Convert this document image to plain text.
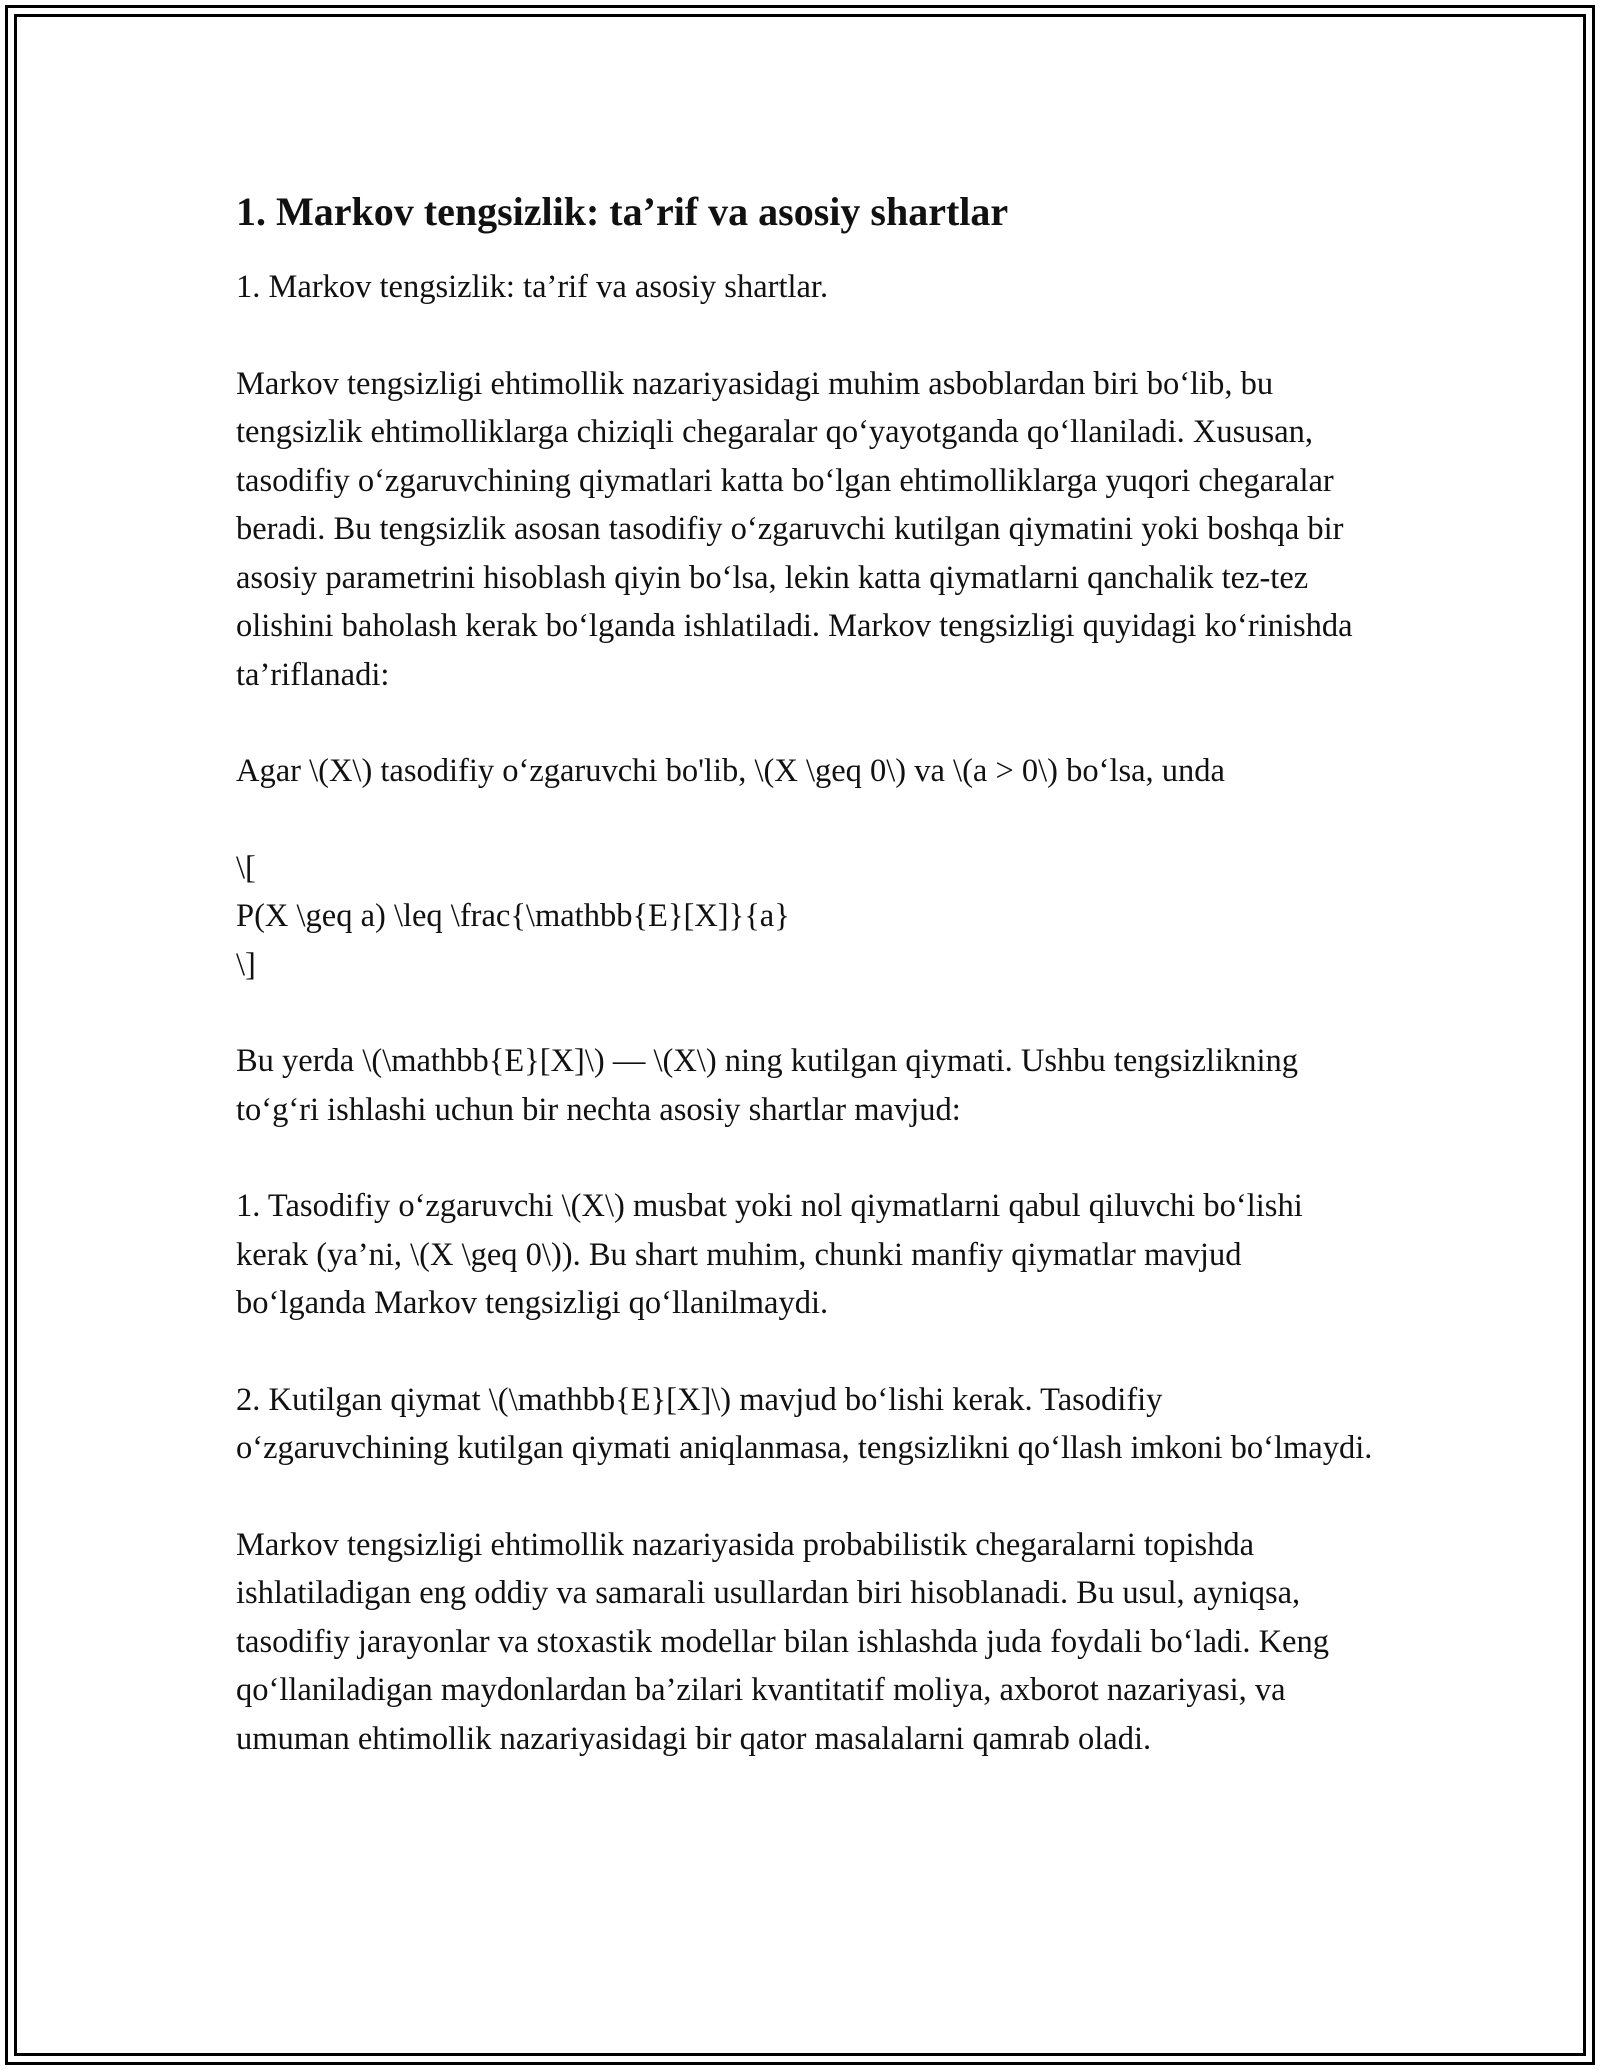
1. Markov tengsizlik: ta’rif va asosiy shartlar

1. Markov tengsizlik: ta’rif va asosiy shartlar.

Markov tengsizligi ehtimollik nazariyasidagi muhim asboblardan biri bo‘lib, bu tengsizlik ehtimolliklarga chiziqli chegaralar qo‘yayotganda qo‘llaniladi. Xususan, tasodifiy o‘zgaruvchining qiymatlari katta bo‘lgan ehtimolliklarga yuqori chegaralar beradi. Bu tengsizlik asosan tasodifiy o‘zgaruvchi kutilgan qiymatini yoki boshqa bir asosiy parametrini hisoblash qiyin bo‘lsa, lekin katta qiymatlarni qanchalik tez-tez olishini baholash kerak bo‘lganda ishlatiladi. Markov tengsizligi quyidagi ko‘rinishda ta’riflanadi:

Agar \(X\) tasodifiy o‘zgaruvchi bo'lib, \(X \geq 0\) va \(a > 0\) bo‘lsa, unda

\[
P(X \geq a) \leq \frac{\mathbb{E}[X]}{a}
\]

Bu yerda \(\mathbb{E}[X]\) — \(X\) ning kutilgan qiymati. Ushbu tengsizlikning to‘g‘ri ishlashi uchun bir nechta asosiy shartlar mavjud:

1. Tasodifiy o‘zgaruvchi \(X\) musbat yoki nol qiymatlarni qabul qiluvchi bo‘lishi kerak (ya’ni, \(X \geq 0\)). Bu shart muhim, chunki manfiy qiymatlar mavjud bo‘lganda Markov tengsizligi qo‘llanilmaydi.

2. Kutilgan qiymat \(\mathbb{E}[X]\) mavjud bo‘lishi kerak. Tasodifiy o‘zgaruvchining kutilgan qiymati aniqlanmasa, tengsizlikni qo‘llash imkoni bo‘lmaydi.

Markov tengsizligi ehtimollik nazariyasida probabilistik chegaralarni topishda ishlatiladigan eng oddiy va samarali usullardan biri hisoblanadi. Bu usul, ayniqsa, tasodifiy jarayonlar va stoxastik modellar bilan ishlashda juda foydali bo‘ladi. Keng qo‘llaniladigan maydonlardan ba’zilari kvantitatif moliya, axborot nazariyasi, va umuman ehtimollik nazariyasidagi bir qator masalalarni qamrab oladi.
